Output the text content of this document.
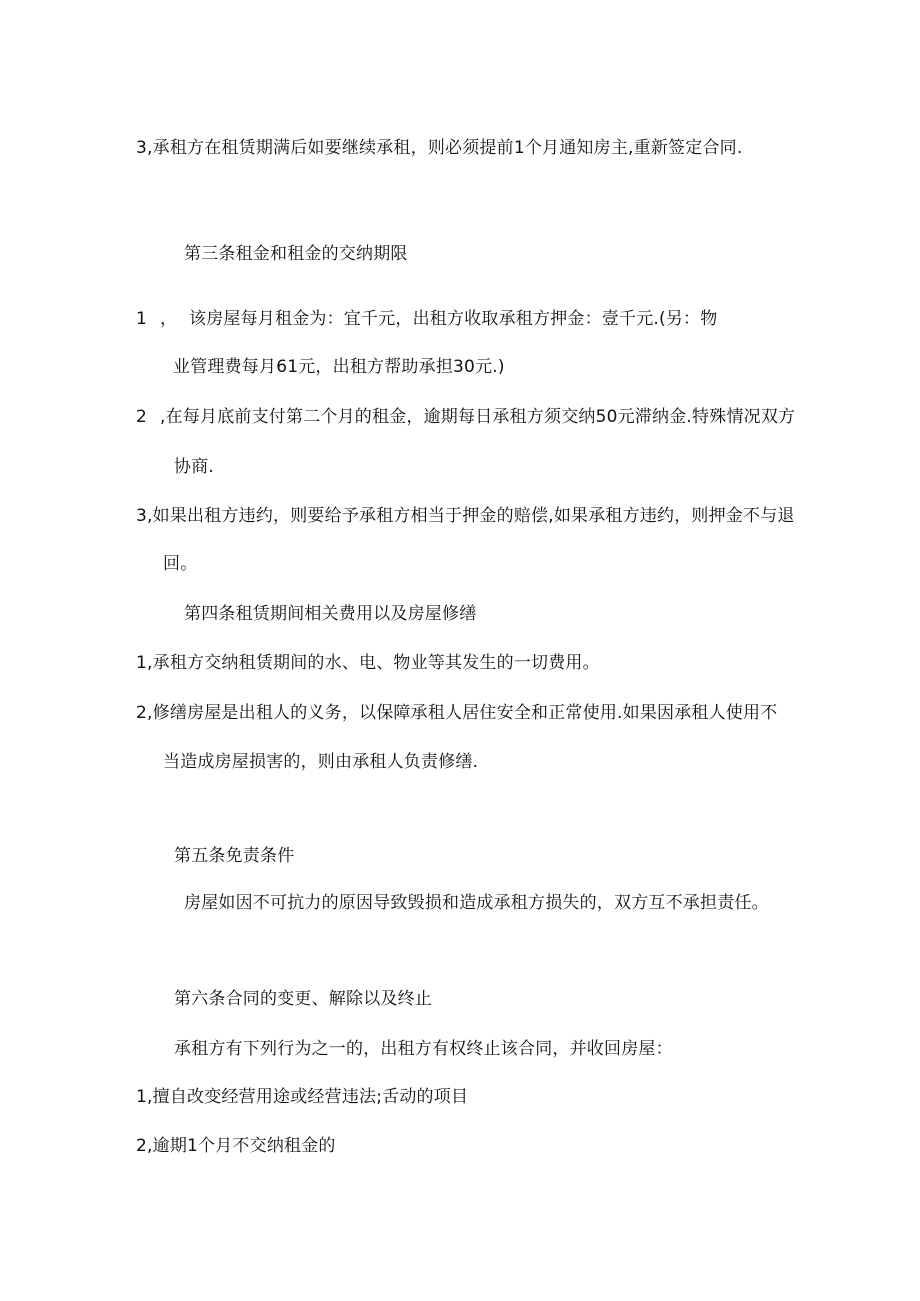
3,承租方在租赁期满后如要继续承租，则必须提前1个月通知房主,重新签定合同.
第三条租金和租金的交纳期限
1 ， 该房屋每月租金为：宜千元，出租方收取承租方押金：壹千元.(另：物
业管理费每月61元，出租方帮助承担30元.)
2 ,在每月底前支付第二个月的租金，逾期每日承租方须交纳50元滞纳金.特殊情况双方
协商.
3,如果出租方违约，则要给予承租方相当于押金的赔偿,如果承租方违约，则押金不与退
回。
第四条租赁期间相关费用以及房屋修缮
1,承租方交纳租赁期间的水、电、物业等其发生的一切费用。
2,修缮房屋是出租人的义务，以保障承租人居住安全和正常使用.如果因承租人使用不
当造成房屋损害的，则由承租人负责修缮.
第五条免责条件
房屋如因不可抗力的原因导致毁损和造成承租方损失的，双方互不承担责任。
第六条合同的变更、解除以及终止
承租方有下列行为之一的，出租方有权终止该合同，并收回房屋：
1,擅自改变经营用途或经营违法;舌动的项目
2,逾期1个月不交纳租金的
